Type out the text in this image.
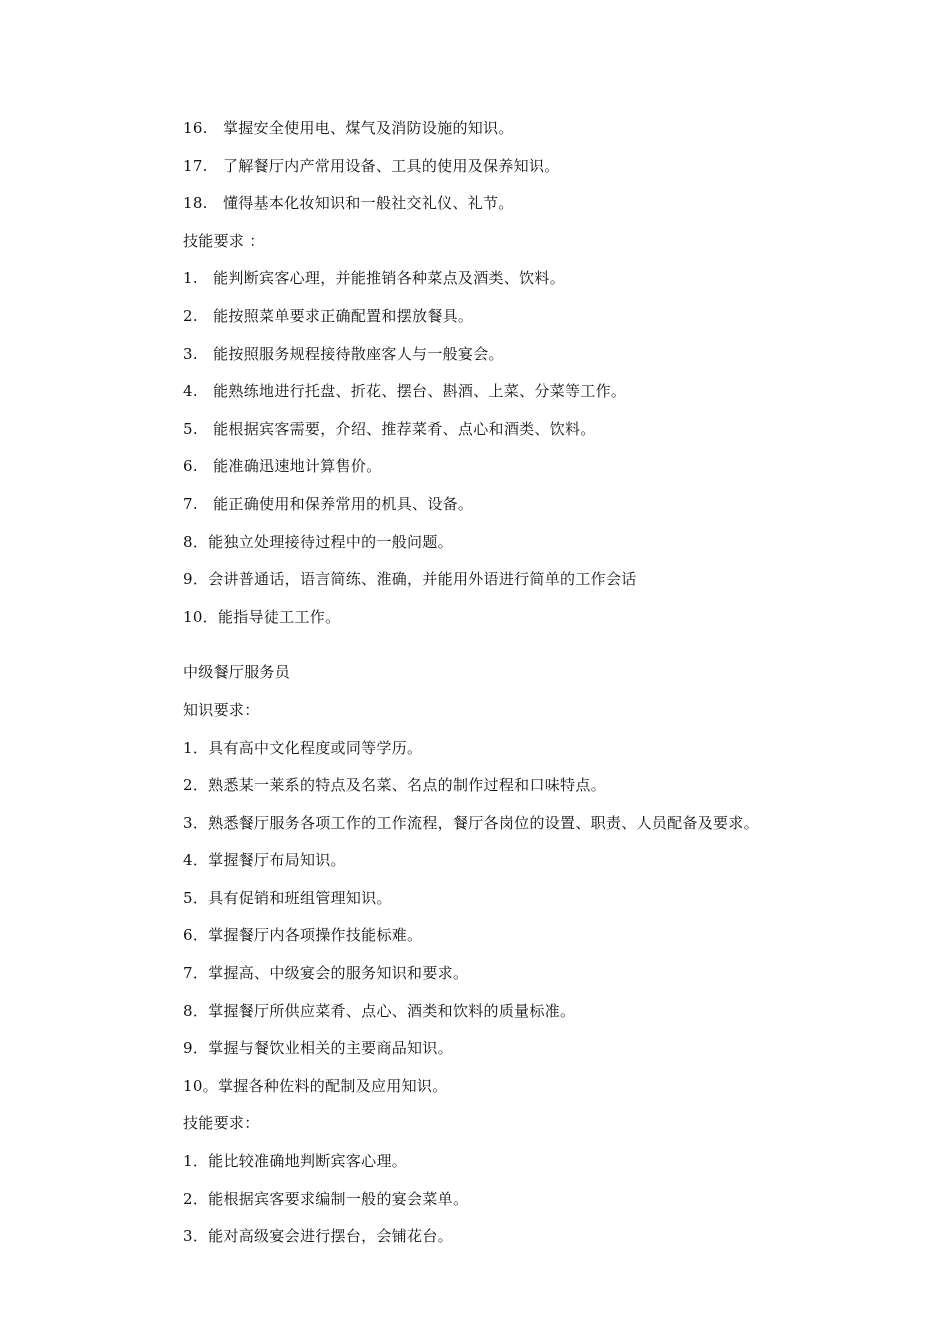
16.   掌握安全使用电、煤气及消防设施的知识。
17.   了解餐厅内产常用设备、工具的使用及保养知识。
18.   懂得基本化妆知识和一般社交礼仪、礼节。
技能要求 ：
1.   能判断宾客心理，并能推销各种菜点及酒类、饮料。
2.   能按照菜单要求正确配置和摆放餐具。
3.   能按照服务规程接待散座客人与一般宴会。
4.   能熟练地进行托盘、折花、摆台、斟酒、上菜、分菜等工作。
5.   能根据宾客需要，介绍、推荐菜肴、点心和酒类、饮料。
6.   能准确迅速地计算售价。
7.   能正确使用和保养常用的机具、设备。
8．能独立处理接待过程中的一般问题。
9．会讲普通话，语言简练、淮确，并能用外语进行简单的工作会话
10．能指导徒工工作。
中级餐厅服务员
知识要求：
1．具有高中文化程度或同等学历。
2．熟悉某一莱系的特点及名菜、名点的制作过程和口味特点。
3．熟悉餐厅服务各项工作的工作流程，餐厅各岗位的设置、职责、人员配备及要求。
4．掌握餐厅布局知识。
5．具有促销和班组管理知识。
6．掌握餐厅内各项操作技能标难。
7．掌握高、中级宴会的服务知识和要求。
8．掌握餐厅所供应菜肴、点心、酒类和饮料的质量标准。
9．掌握与餐饮业相关的主要商品知识。
10。掌握各种佐料的配制及应用知识。
技能要求：
1．能比较准确地判断宾客心理。
2．能根据宾客要求编制一般的宴会菜单。
3．能对高级宴会进行摆台，会铺花台。
